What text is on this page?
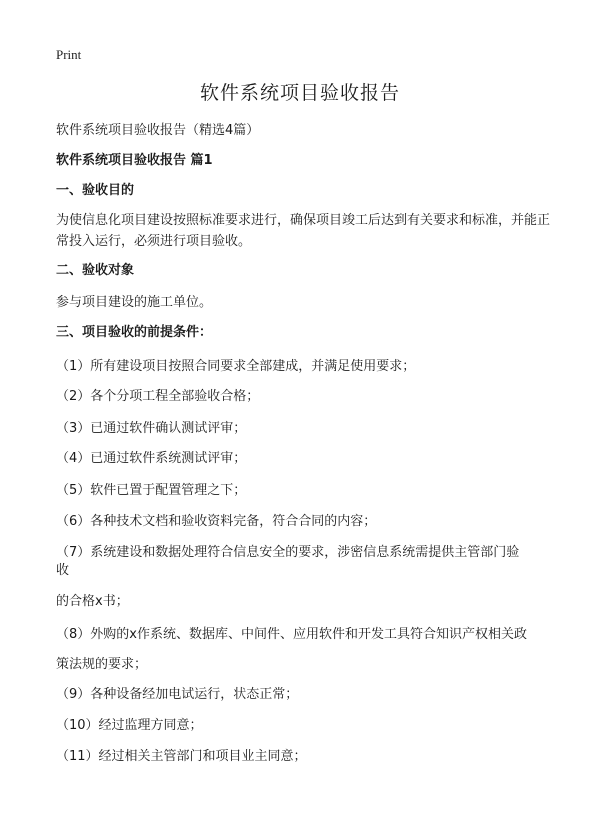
Print
软件系统项目验收报告
软件系统项目验收报告（精选4篇）
软件系统项目验收报告 篇1
一、验收目的
为使信息化项目建设按照标准要求进行，确保项目竣工后达到有关要求和标准，并能正常投入运行，必须进行项目验收。
二、验收对象
参与项目建设的施工单位。
三、项目验收的前提条件：
（1）所有建设项目按照合同要求全部建成，并满足使用要求；
（2）各个分项工程全部验收合格；
（3）已通过软件确认测试评审；
（4）已通过软件系统测试评审；
（5）软件已置于配置管理之下；
（6）各种技术文档和验收资料完备，符合合同的内容；
（7）系统建设和数据处理符合信息安全的要求，涉密信息系统需提供主管部门验
收
的合格x书；
（8）外购的x作系统、数据库、中间件、应用软件和开发工具符合知识产权相关政
策法规的要求；
（9）各种设备经加电试运行，状态正常；
（10）经过监理方同意；
（11）经过相关主管部门和项目业主同意；
